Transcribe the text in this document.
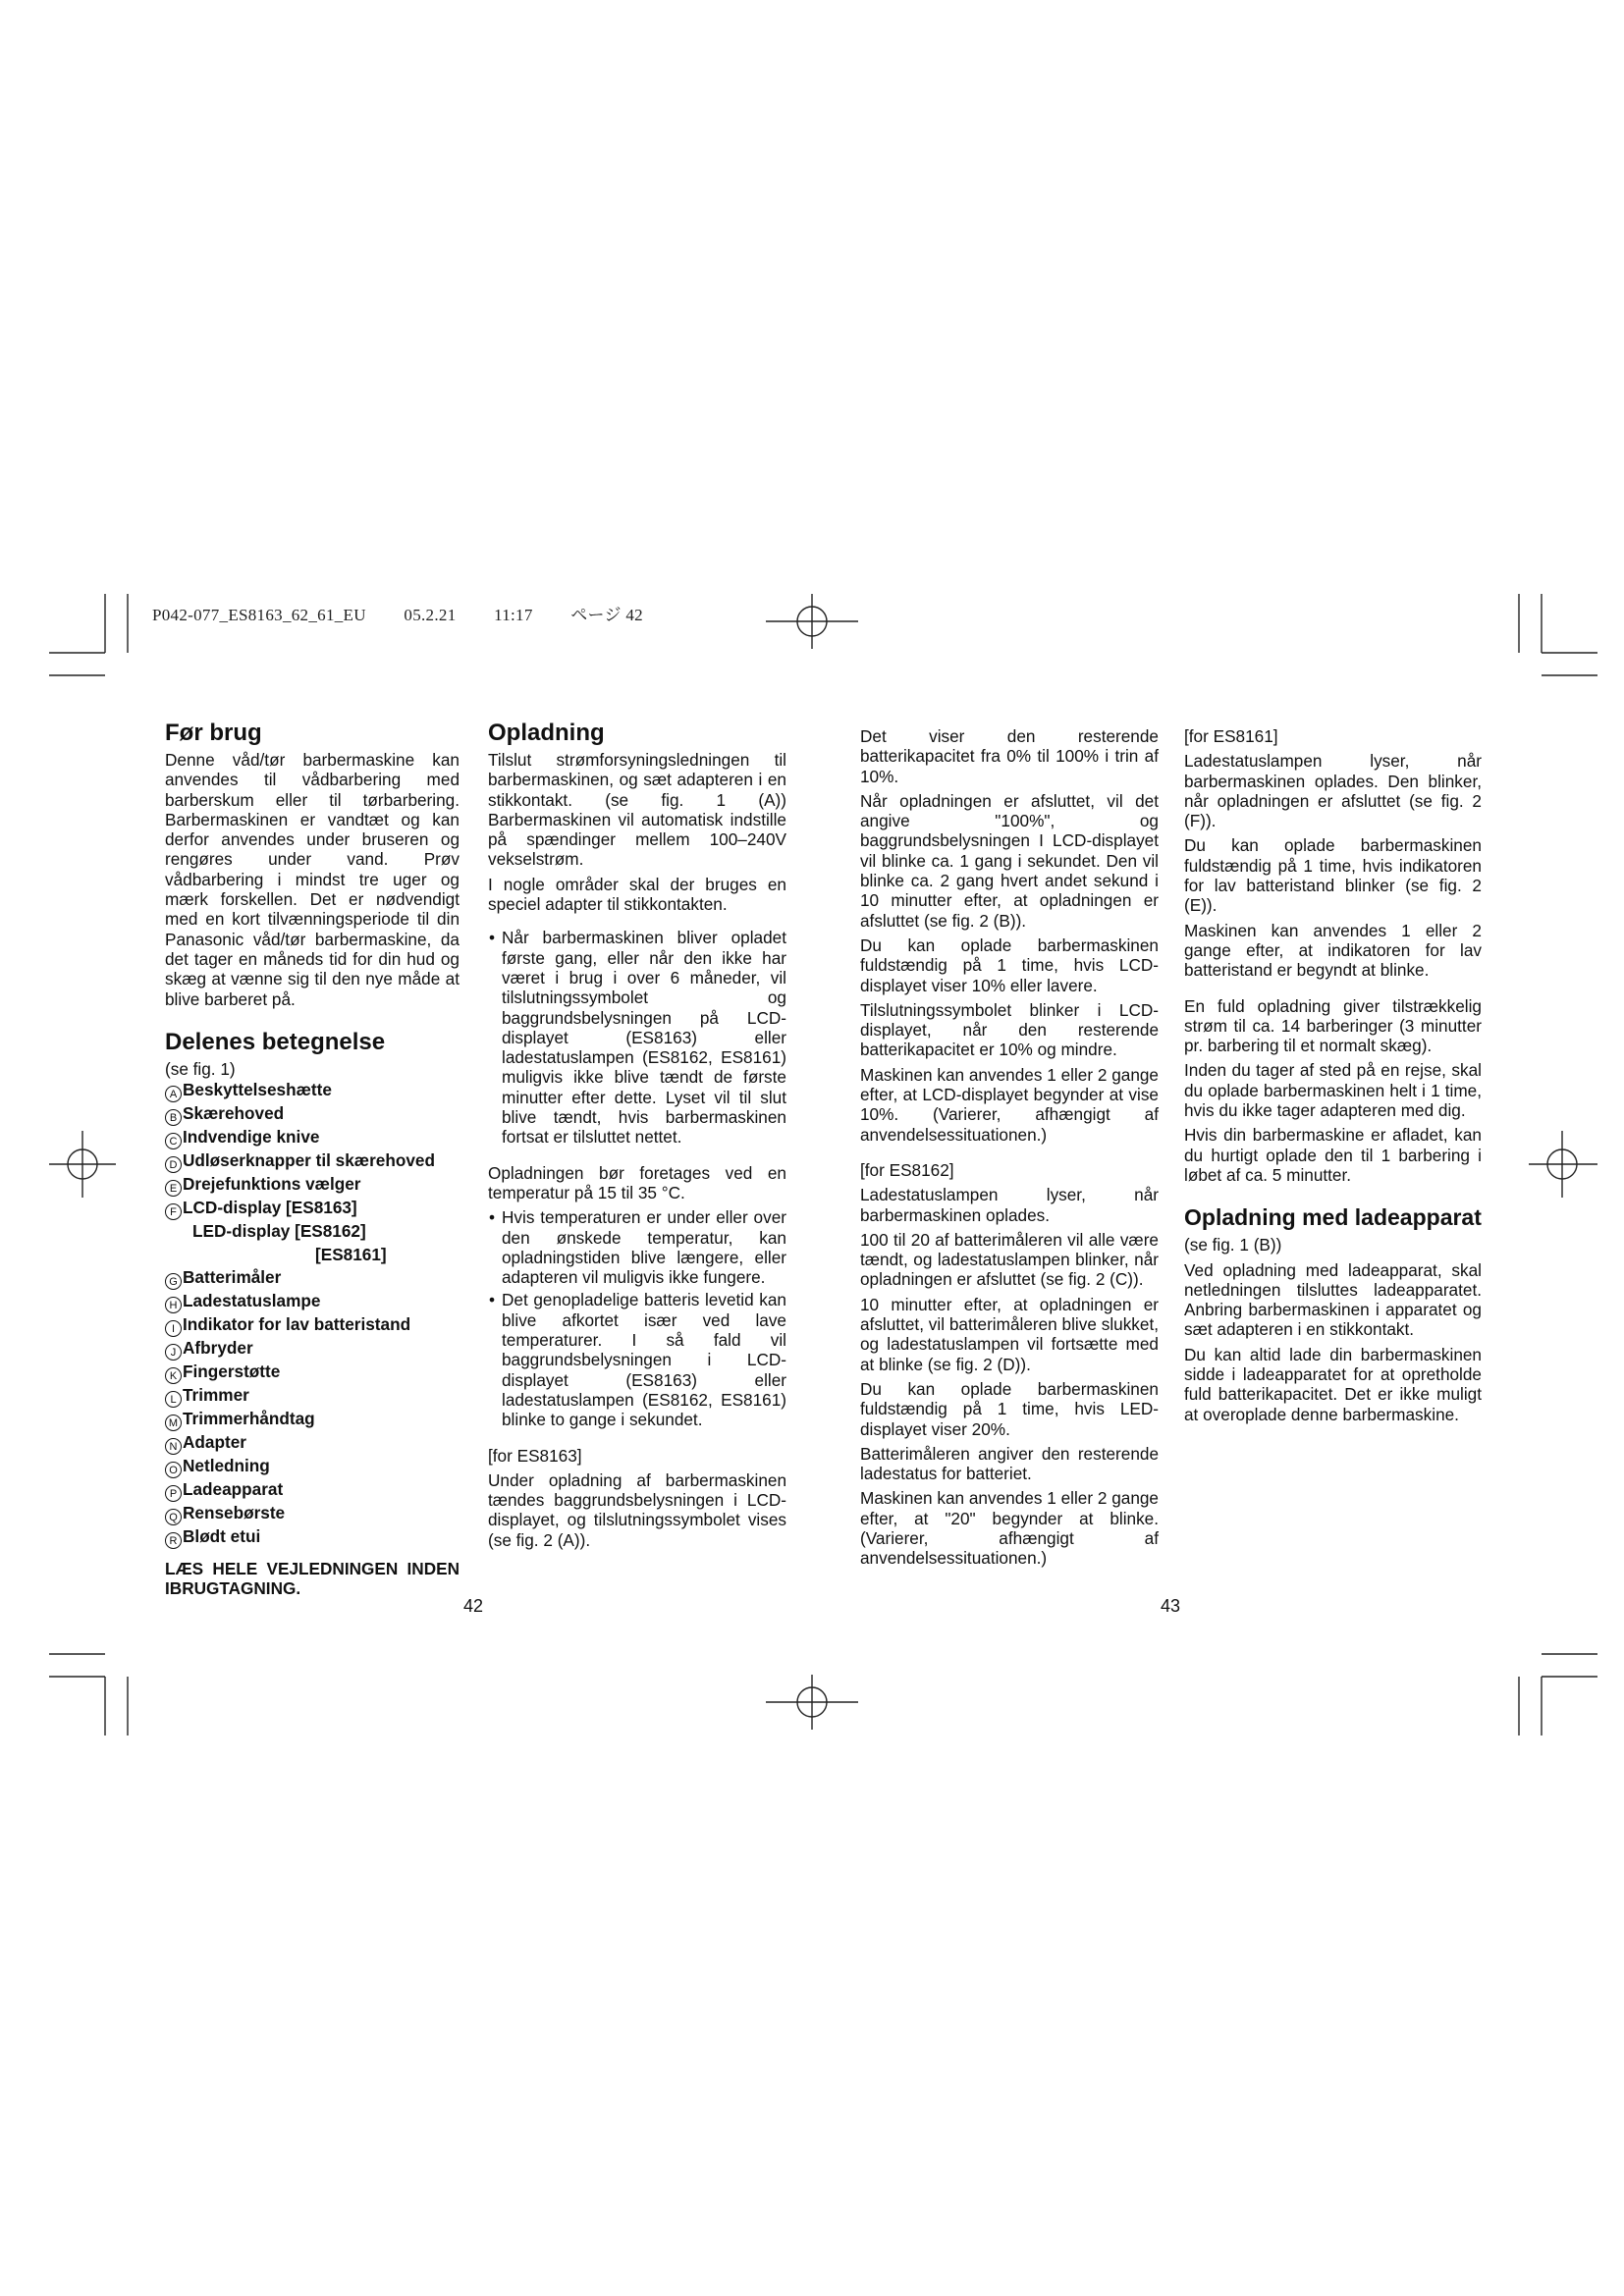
P042-077_ES8163_62_61_EU 05.2.21 11:17 ページ 42
Før brug

Denne våd/tør barbermaskine kan anvendes til vådbarbering med barberskum eller til tørbarbering. Barbermaskinen er vandtæt og kan derfor anvendes under bruseren og rengøres under vand. Prøv vådbarbering i mindst tre uger og mærk forskellen. Det er nødvendigt med en kort tilvænningsperiode til din Panasonic våd/tør barbermaskine, da det tager en måneds tid for din hud og skæg at vænne sig til den nye måde at blive barberet på.

Delenes betegnelse
(se fig. 1)
A Beskyttelseshætte
B Skærehoved
C Indvendige knive
D Udløserknapper til skærehoved
E Drejefunktions vælger
F LCD-display [ES8163]
LED-display [ES8162]
[ES8161]
G Batterimåler
H Ladestatuslampe
I Indikator for lav batteristand
J Afbryder
K Fingerstøtte
L Trimmer
M Trimmerhåndtag
N Adapter
O Netledning
P Ladeapparat
Q Rensebørste
R Blødt etui
LÆS HELE VEJLEDNINGEN INDEN IBRUGTAGNING.
Opladning

Tilslut strømforsyningsledningen til barbermaskinen, og sæt adapteren i en stikkontakt. (se fig. 1 (A)) Barbermaskinen vil automatisk indstille på spændinger mellem 100–240V vekselstrøm.

I nogle områder skal der bruges en speciel adapter til stikkontakten.

• Når barbermaskinen bliver opladet første gang, eller når den ikke har været i brug i over 6 måneder, vil tilslutningssymbolet og baggrundsbelysningen på LCD-displayet (ES8163) eller ladestatuslampen (ES8162, ES8161) muligvis ikke blive tændt de første minutter efter dette. Lyset vil til slut blive tændt, hvis barbermaskinen fortsat er tilsluttet nettet.

Opladningen bør foretages ved en temperatur på 15 til 35 °C.

• Hvis temperaturen er under eller over den ønskede temperatur, kan opladningstiden blive længere, eller adapteren vil muligvis ikke fungere.
• Det genopladelige batteris levetid kan blive afkortet især ved lave temperaturer. I så fald vil baggrundsbelysningen i LCD-displayet (ES8163) eller ladestatuslampen (ES8162, ES8161) blinke to gange i sekundet.

[for ES8163]

Under opladning af barbermaskinen tændes baggrundsbelysningen i LCD-displayet, og tilslutningssymbolet vises (se fig. 2 (A)).

Det viser den resterende batterikapacitet fra 0% til 100% i trin af 10%.

Når opladningen er afsluttet, vil det angive "100%", og baggrundsbelysningen I LCD-displayet vil blinke ca. 1 gang i sekundet. Den vil blinke ca. 2 gang hvert andet sekund i 10 minutter efter, at opladningen er afsluttet (se fig. 2 (B)).

Du kan oplade barbermaskinen fuldstændig på 1 time, hvis LCD-displayet viser 10% eller lavere.

Tilslutningssymbolet blinker i LCD-displayet, når den resterende batterikapacitet er 10% og mindre.

Maskinen kan anvendes 1 eller 2 gange efter, at LCD-displayet begynder at vise 10%. (Varierer, afhængigt af anvendelsessituationen.)

[for ES8162]

Ladestatuslampen lyser, når barbermaskinen oplades.

100 til 20 af batterimåleren vil alle være tændt, og ladestatuslampen blinker, når opladningen er afsluttet (se fig. 2 (C)).

10 minutter efter, at opladningen er afsluttet, vil batterimåleren blive slukket, og ladestatuslampen vil fortsætte med at blinke (se fig. 2 (D)).

Du kan oplade barbermaskinen fuldstændig på 1 time, hvis LED-displayet viser 20%.

Batterimåleren angiver den resterende ladestatus for batteriet.

Maskinen kan anvendes 1 eller 2 gange efter, at "20" begynder at blinke. (Varierer, afhængigt af anvendelsessituationen.)

[for ES8161]

Ladestatuslampen lyser, når barbermaskinen oplades. Den blinker, når opladningen er afsluttet (se fig. 2 (F)).

Du kan oplade barbermaskinen fuldstændig på 1 time, hvis indikatoren for lav batteristand blinker (se fig. 2 (E)).

Maskinen kan anvendes 1 eller 2 gange efter, at indikatoren for lav batteristand er begyndt at blinke.

En fuld opladning giver tilstrækkelig strøm til ca. 14 barberinger (3 minutter pr. barbering til et normalt skæg).

Inden du tager af sted på en rejse, skal du oplade barbermaskinen helt i 1 time, hvis du ikke tager adapteren med dig.

Hvis din barbermaskine er afladet, kan du hurtigt oplade den til 1 barbering i løbet af ca. 5 minutter.

Opladning med ladeapparat

(se fig. 1 (B))

Ved opladning med ladeapparat, skal netledningen tilsluttes ladeapparatet. Anbring barbermaskinen i apparatet og sæt adapteren i en stikkontakt.

Du kan altid lade din barbermaskinen sidde i ladeapparatet for at opretholde fuld batterikapacitet. Det er ikke muligt at overoplade denne barbermaskine.

42	43
